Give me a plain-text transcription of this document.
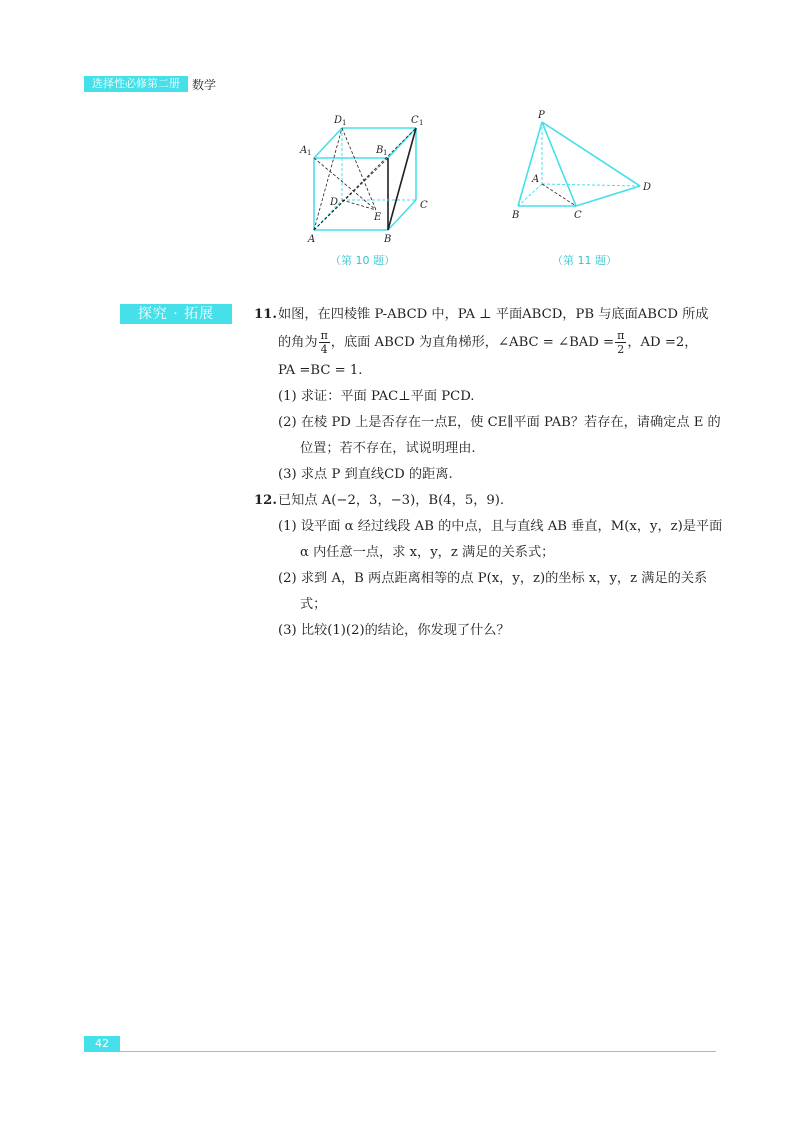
选择性必修第二册	数学
D 1	C 1
A 1	B 1
D
E
C
A	B
（第 10 题）
P
A
D
B	C
（第 11 题）
探究 · 拓展	11. 如图，在四棱锥 P-ABCD 中，PA ⊥ 平面ABCD，PB 与底面ABCD 所成
的角为 $\frac{\pi}{4}$ ，底面 ABCD 为直角梯形，∠ABC = ∠BAD = $\frac{\pi}{2}$ ，AD =2，
PA =BC = 1.
(1) 求证：平面 PAC⊥平面 PCD.
(2) 在棱 PD 上是否存在一点E，使 CE∥平面 PAB？若存在，请确定点 E 的位置；若不存在，试说明理由.
(3) 求点 P 到直线CD 的距离.
12. 已知点 A(−2，3，−3)，B(4，5，9).
(1) 设平面 α 经过线段 AB 的中点，且与直线 AB 垂直，M(x，y，z)是平面 α 内任意一点，求 x，y，z 满足的关系式；
(2) 求到 A，B 两点距离相等的点 P(x，y，z)的坐标 x，y，z 满足的关系式；
(3) 比较(1)(2)的结论，你发现了什么？
42
